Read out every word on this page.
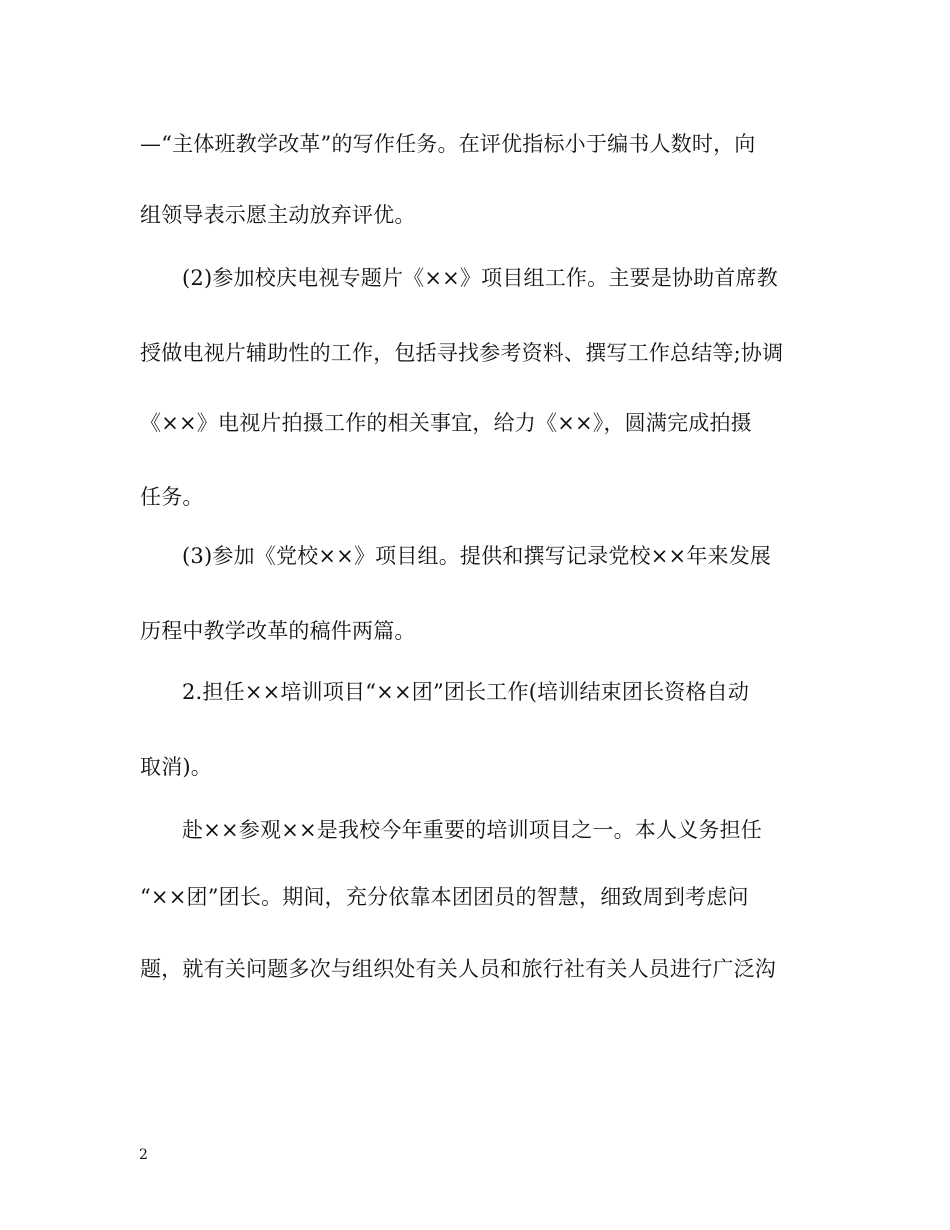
—“主体班教学改革”的写作任务。在评优指标小于编书人数时，向
组领导表示愿主动放弃评优。
(2)参加校庆电视专题片《××》项目组工作。主要是协助首席教
授做电视片辅助性的工作，包括寻找参考资料、撰写工作总结等;协调
《××》电视片拍摄工作的相关事宜，给力《××》，圆满完成拍摄
任务。
(3)参加《党校××》项目组。提供和撰写记录党校××年来发展
历程中教学改革的稿件两篇。
2.担任××培训项目“××团”团长工作(培训结束团长资格自动
取消)。
赴××参观××是我校今年重要的培训项目之一。本人义务担任
“××团”团长。期间，充分依靠本团团员的智慧，细致周到考虑问
题，就有关问题多次与组织处有关人员和旅行社有关人员进行广泛沟
2
